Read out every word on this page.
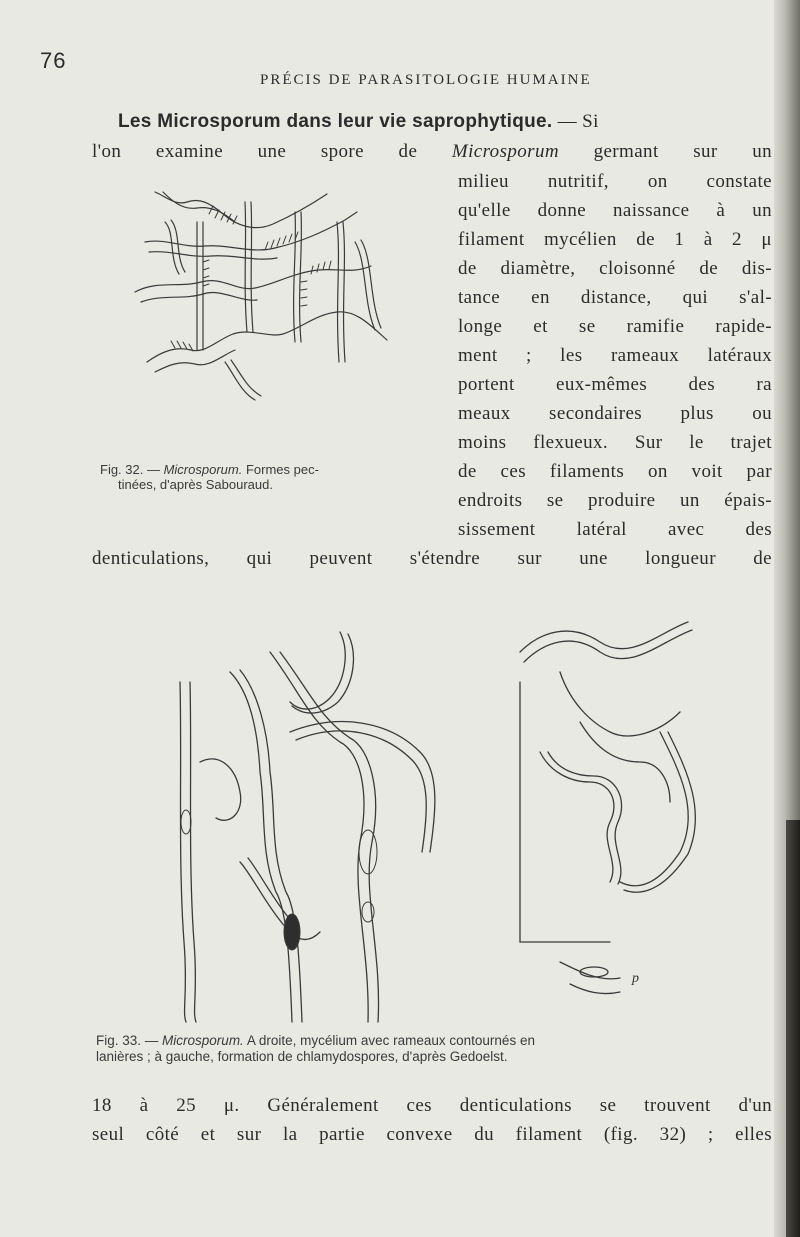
76
PRÉCIS DE PARASITOLOGIE HUMAINE
Les Microsporum dans leur vie saprophytique. — Si
l'on examine une spore de Microsporum germant sur un
milieu nutritif, on constate
qu'elle donne naissance à un
filament mycélien de 1 à 2 μ
de diamètre, cloisonné de dis-
tance en distance, qui s'al-
longe et se ramifie rapide-
ment ; les rameaux latéraux
portent eux-mêmes des ra
meaux secondaires plus ou
moins flexueux. Sur le trajet
de ces filaments on voit par
endroits se produire un épais-
sissement latéral avec des
denticulations, qui peuvent s'étendre sur une longueur de
Fig. 32. — Microsporum. Formes pec-
tinées, d'après Sabouraud.
p
Fig. 33. — Microsporum. A droite, mycélium avec rameaux contournés en
lanières ; à gauche, formation de chlamydospores, d'après Gedoelst.
18 à 25 μ. Généralement ces denticulations se trouvent d'un
seul côté et sur la partie convexe du filament (fig. 32) ; elles
